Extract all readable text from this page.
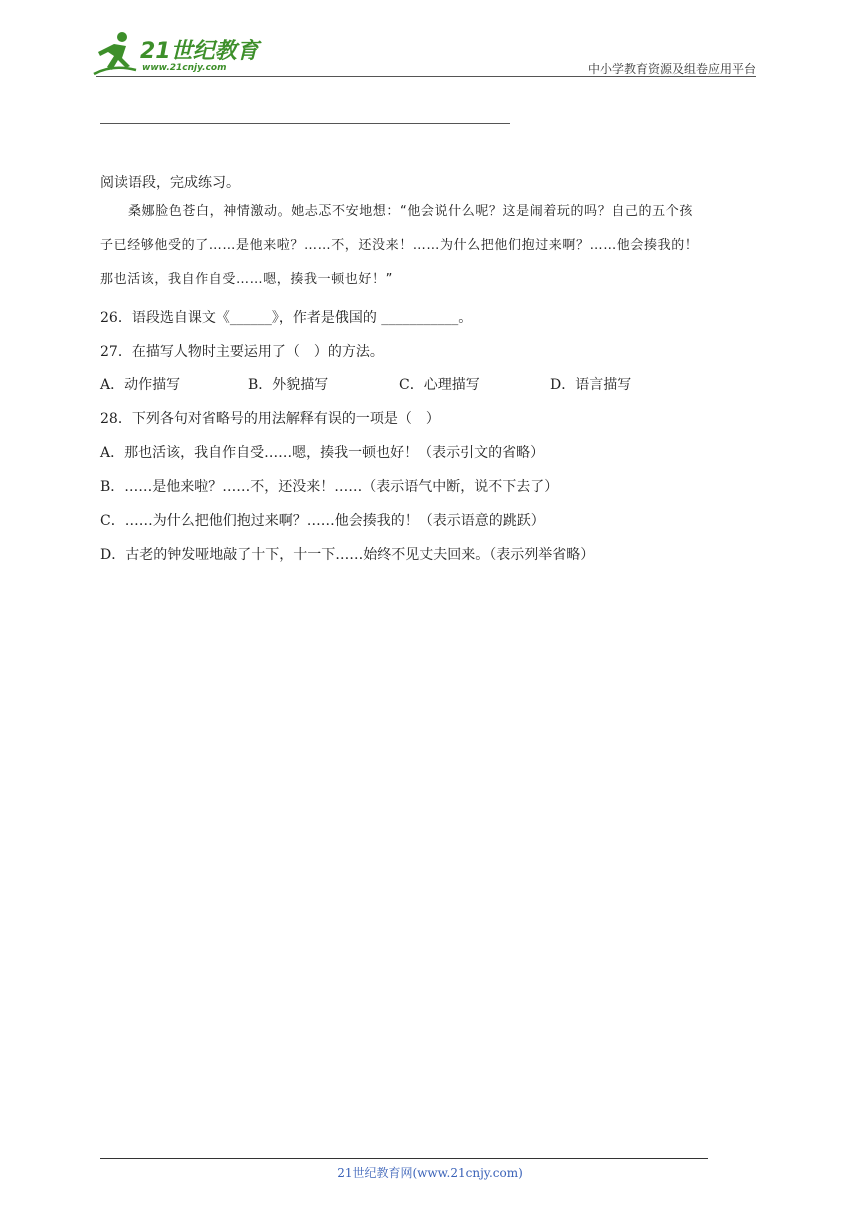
21世纪教育
www.21cnjy.com	中小学教育资源及组卷应用平台
阅读语段，完成练习。
桑娜脸色苍白，神情激动。她忐忑不安地想：“他会说什么呢？这是闹着玩的吗？自己的五个孩
子已经够他受的了……是他来啦？……不，还没来！……为什么把他们抱过来啊？……他会揍我的！
那也活该，我自作自受……嗯，揍我一顿也好！”
26．语段选自课文《______》，作者是俄国的 ___________。
27．在描写人物时主要运用了（　）的方法。
A．动作描写	B．外貌描写	C．心理描写	D．语言描写
28．下列各句对省略号的用法解释有误的一项是（　）
A．那也活该，我自作自受……嗯，揍我一顿也好！（表示引文的省略）
B．……是他来啦？……不，还没来！……（表示语气中断，说不下去了）
C．……为什么把他们抱过来啊？……他会揍我的！（表示语意的跳跃）
D．古老的钟发哑地敲了十下，十一下……始终不见丈夫回来。（表示列举省略）
21世纪教育网(www.21cnjy.com)
